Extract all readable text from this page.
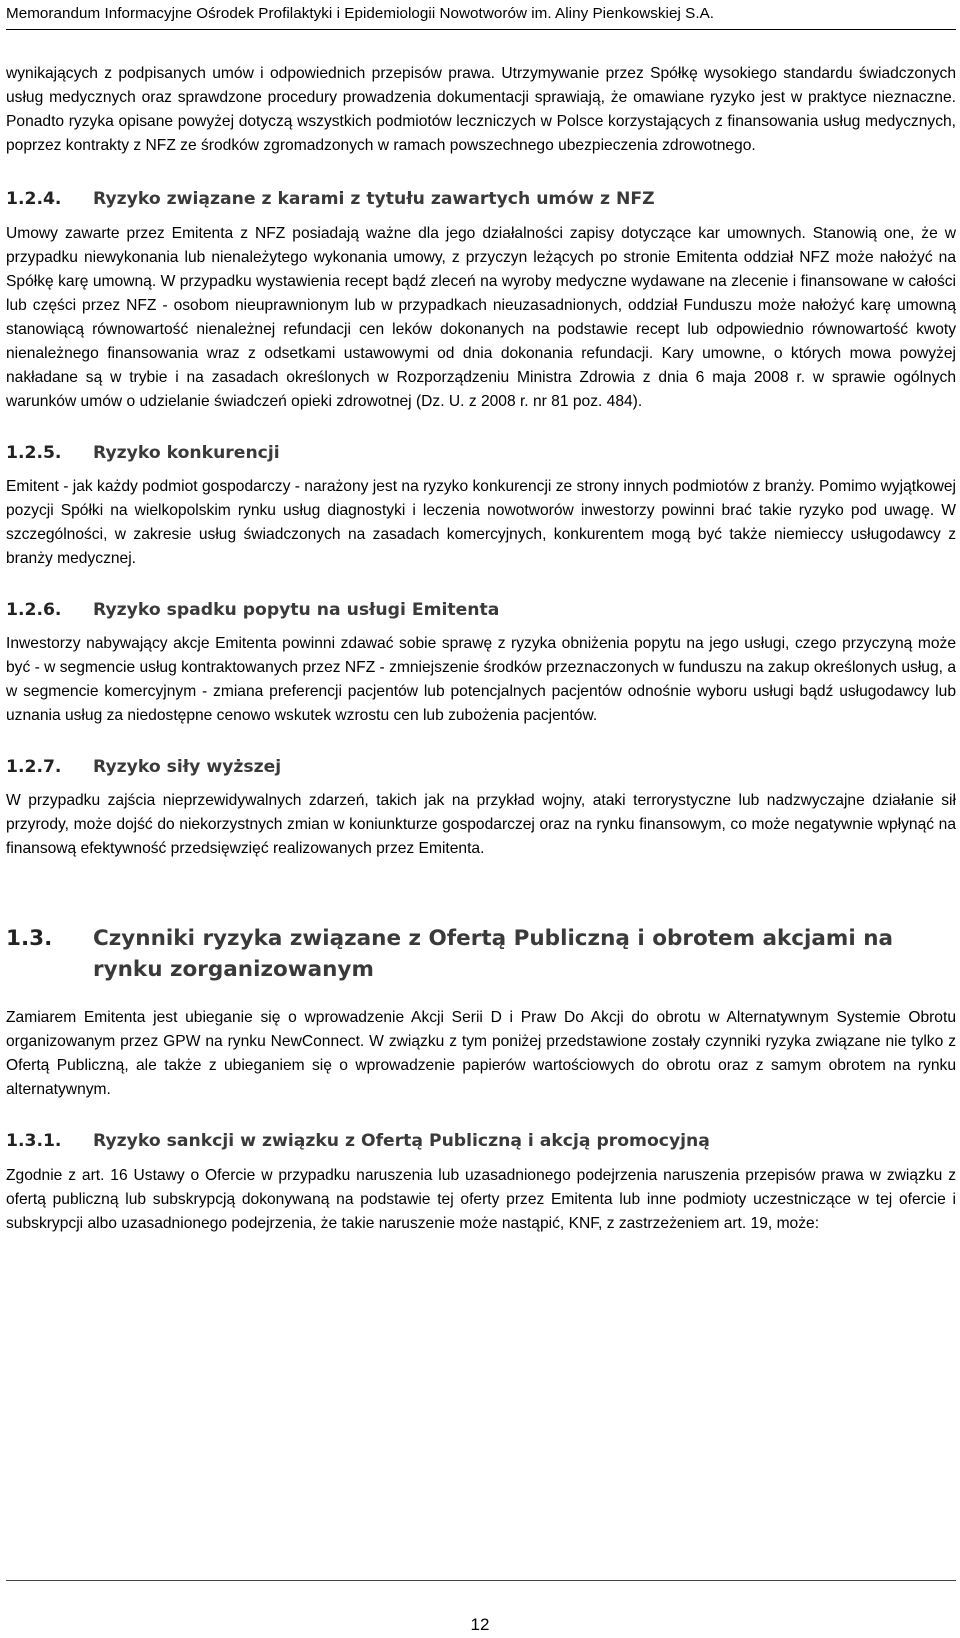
Memorandum Informacyjne Ośrodek Profilaktyki i Epidemiologii Nowotworów im. Aliny Pienkowskiej S.A.

wynikających z podpisanych umów i odpowiednich przepisów prawa. Utrzymywanie przez Spółkę wysokiego standardu świadczonych usług medycznych oraz sprawdzone procedury prowadzenia dokumentacji sprawiają, że omawiane ryzyko jest w praktyce nieznaczne. Ponadto ryzyka opisane powyżej dotyczą wszystkich podmiotów leczniczych w Polsce korzystających z finansowania usług medycznych, poprzez kontrakty z NFZ ze środków zgromadzonych w ramach powszechnego ubezpieczenia zdrowotnego.

1.2.4.	Ryzyko związane z karami z tytułu zawartych umów z NFZ

Umowy zawarte przez Emitenta z NFZ posiadają ważne dla jego działalności zapisy dotyczące kar umownych. Stanowią one, że w przypadku niewykonania lub nienależytego wykonania umowy, z przyczyn leżących po stronie Emitenta oddział NFZ może nałożyć na Spółkę karę umowną. W przypadku wystawienia recept bądź zleceń na wyroby medyczne wydawane na zlecenie i finansowane w całości lub części przez NFZ - osobom nieuprawnionym lub w przypadkach nieuzasadnionych, oddział Funduszu może nałożyć karę umowną stanowiącą równowartość nienależnej refundacji cen leków dokonanych na podstawie recept lub odpowiednio równowartość kwoty nienależnego finansowania wraz z odsetkami ustawowymi od dnia dokonania refundacji. Kary umowne, o których mowa powyżej nakładane są w trybie i na zasadach określonych w Rozporządzeniu Ministra Zdrowia z dnia 6 maja 2008 r. w sprawie ogólnych warunków umów o udzielanie świadczeń opieki zdrowotnej (Dz. U. z 2008 r. nr 81 poz. 484).

1.2.5.	Ryzyko konkurencji

Emitent - jak każdy podmiot gospodarczy - narażony jest na ryzyko konkurencji ze strony innych podmiotów z branży. Pomimo wyjątkowej pozycji Spółki na wielkopolskim rynku usług diagnostyki i leczenia nowotworów inwestorzy powinni brać takie ryzyko pod uwagę. W szczególności, w zakresie usług świadczonych na zasadach komercyjnych, konkurentem mogą być także niemieccy usługodawcy z branży medycznej.

1.2.6.	Ryzyko spadku popytu na usługi Emitenta

Inwestorzy nabywający akcje Emitenta powinni zdawać sobie sprawę z ryzyka obniżenia popytu na jego usługi, czego przyczyną może być - w segmencie usług kontraktowanych przez NFZ - zmniejszenie środków przeznaczonych w funduszu na zakup określonych usług, a w segmencie komercyjnym - zmiana preferencji pacjentów lub potencjalnych pacjentów odnośnie wyboru usługi bądź usługodawcy lub uznania usług za niedostępne cenowo wskutek wzrostu cen lub zubożenia pacjentów.

1.2.7.	Ryzyko siły wyższej

W przypadku zajścia nieprzewidywalnych zdarzeń, takich jak na przykład wojny, ataki terrorystyczne lub nadzwyczajne działanie sił przyrody, może dojść do niekorzystnych zmian w koniunkturze gospodarczej oraz na rynku finansowym, co może negatywnie wpłynąć na finansową efektywność przedsięwzięć realizowanych przez Emitenta.

1.3.	Czynniki ryzyka związane z Ofertą Publiczną i obrotem akcjami na rynku zorganizowanym

Zamiarem Emitenta jest ubieganie się o wprowadzenie Akcji Serii D i Praw Do Akcji do obrotu w Alternatywnym Systemie Obrotu organizowanym przez GPW na rynku NewConnect. W związku z tym poniżej przedstawione zostały czynniki ryzyka związane nie tylko z Ofertą Publiczną, ale także z ubieganiem się o wprowadzenie papierów wartościowych do obrotu oraz z samym obrotem na rynku alternatywnym.

1.3.1.	Ryzyko sankcji w związku z Ofertą Publiczną i akcją promocyjną

Zgodnie z art. 16 Ustawy o Ofercie w przypadku naruszenia lub uzasadnionego podejrzenia naruszenia przepisów prawa w związku z ofertą publiczną lub subskrypcją dokonywaną na podstawie tej oferty przez Emitenta lub inne podmioty uczestniczące w tej ofercie i subskrypcji albo uzasadnionego podejrzenia, że takie naruszenie może nastąpić, KNF, z zastrzeżeniem art. 19, może:

12
